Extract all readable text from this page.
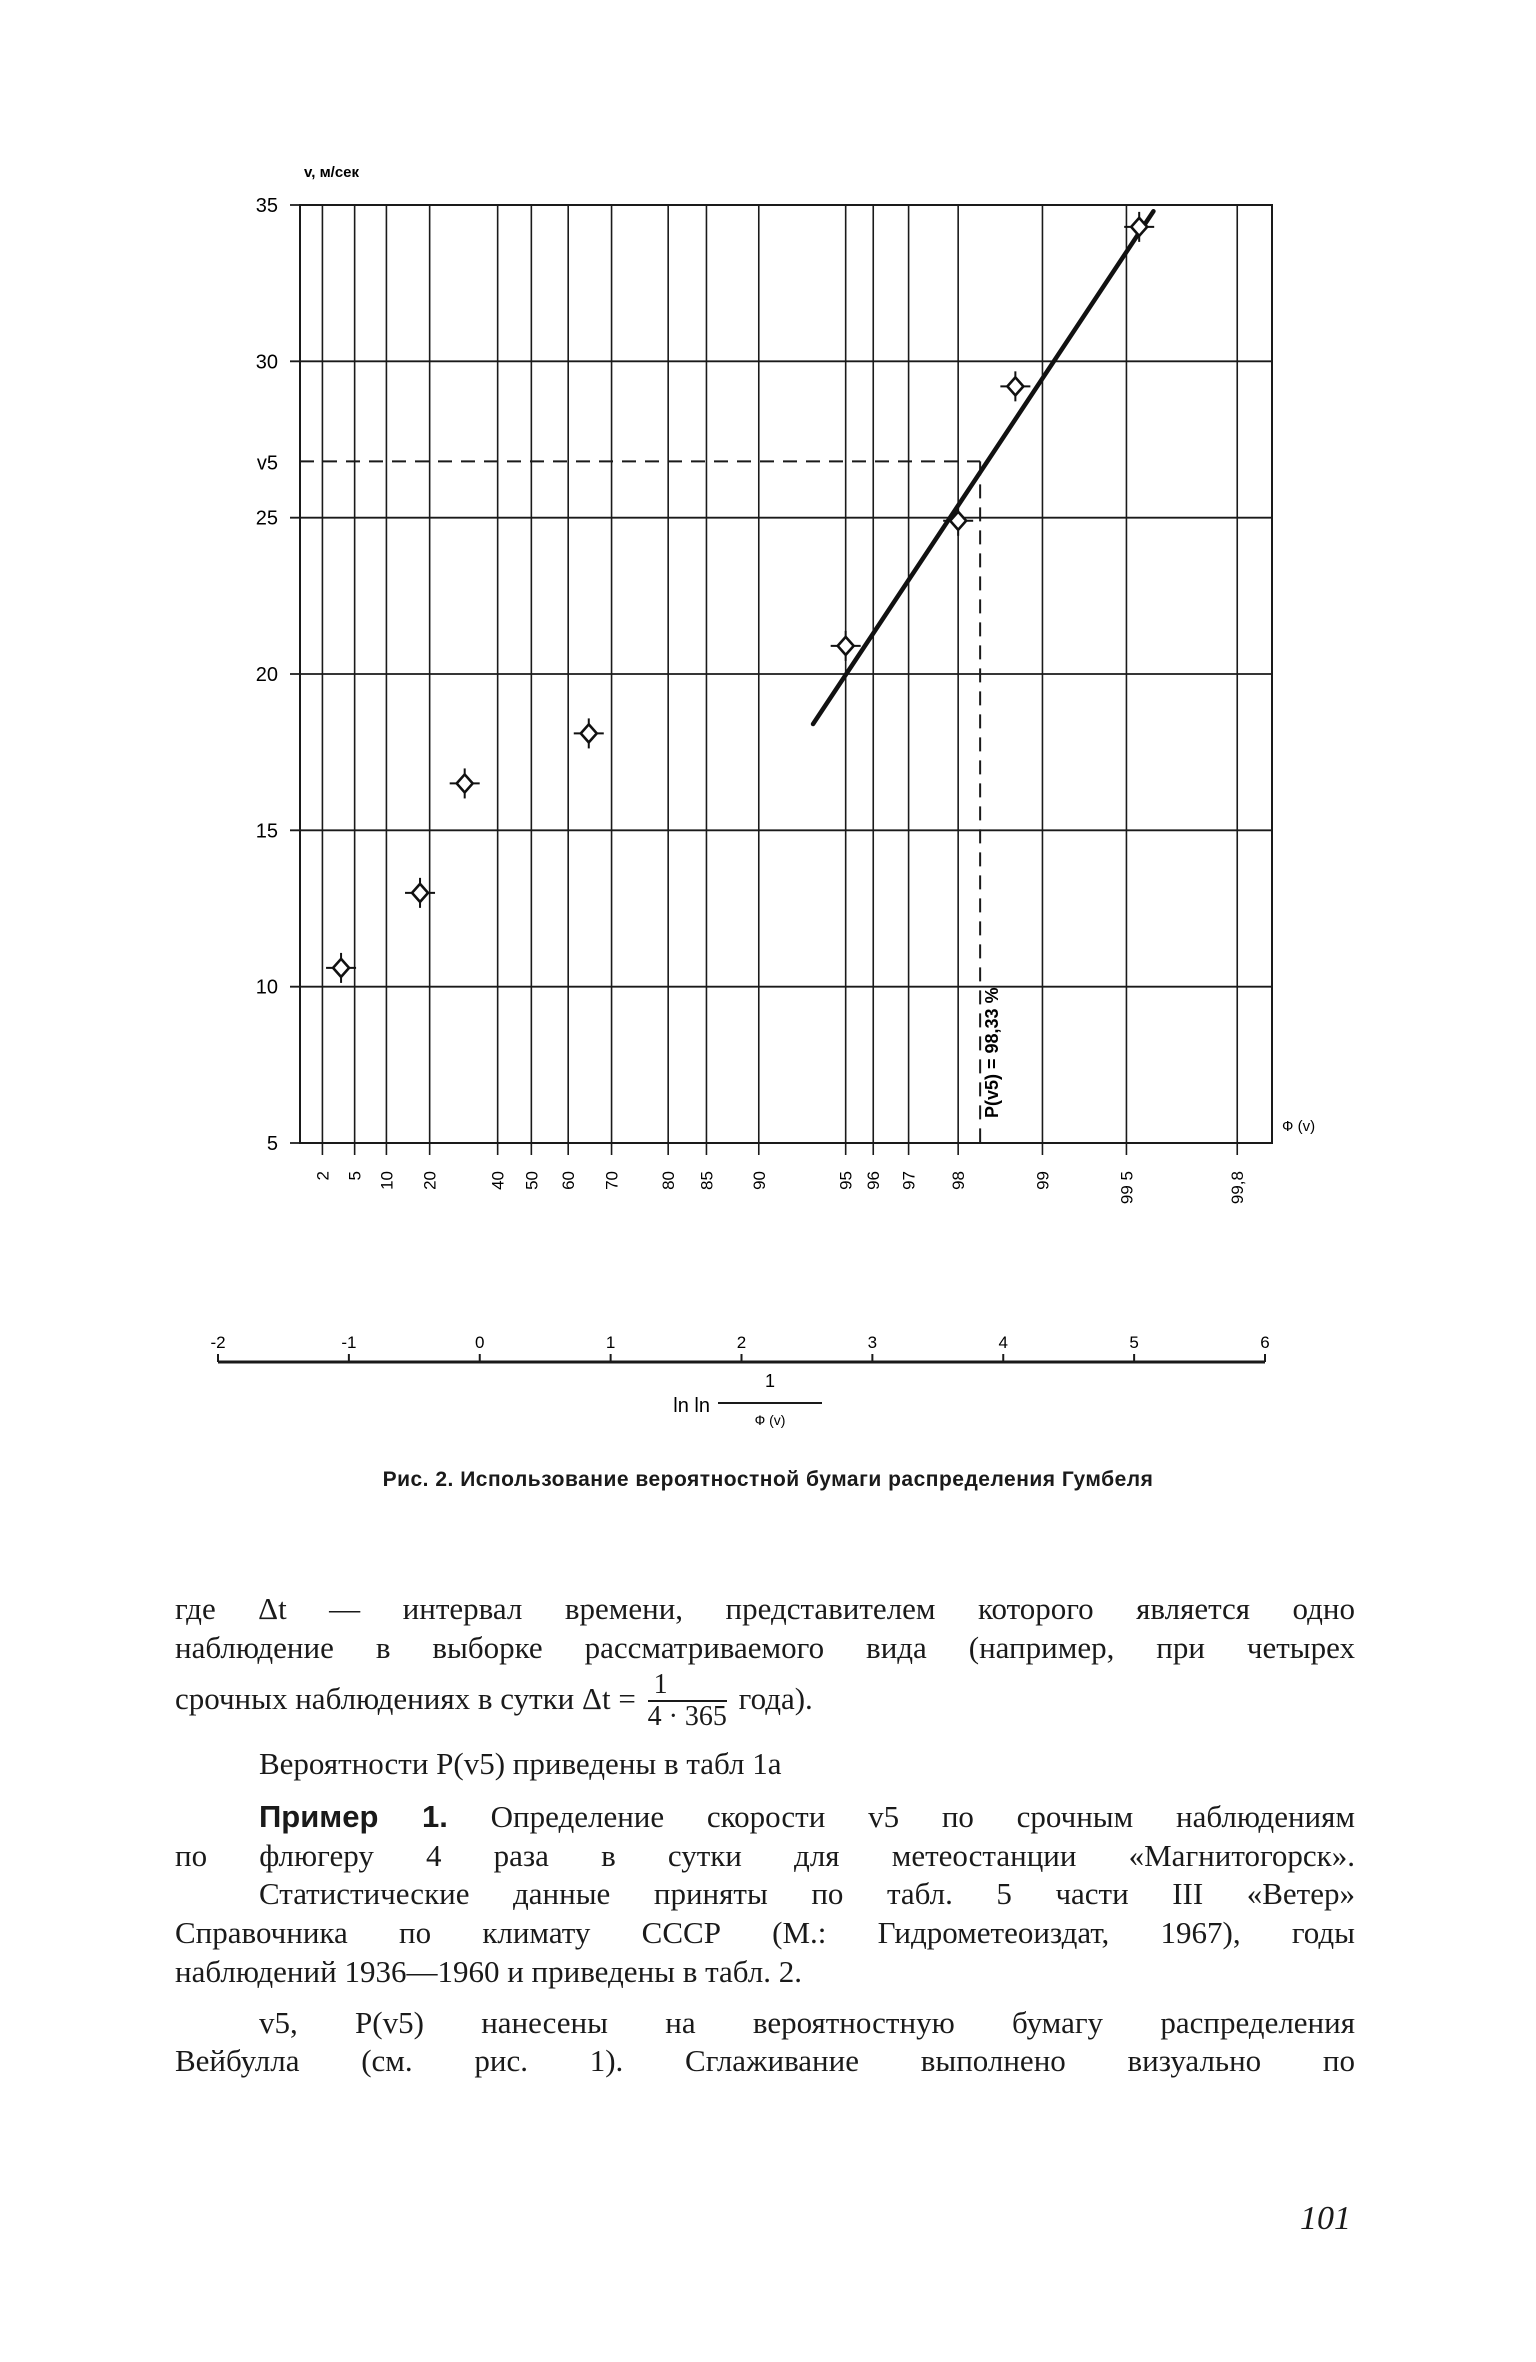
5
10
15
20
25
30
35
v, м/сек
2 5 10 20	40 50 60 70 80 85 90	95 96 97 98	99	99 5	99,8
Ф (v)
v5
P(v5) = 98,33 %
-2	-1	0	1	2	3	4	5	6
ln ln
1
Ф (v)
Рис. 2. Использование вероятностной бумаги распределения Гумбеля

где Δt — интервал времени, представителем которого является одно

наблюдение в выборке рассматриваемого вида (например, при четырех

срочных наблюдениях в сутки $\Delta t = \frac{1}{4 \cdot 365}$ года).

Вероятности P(v5) приведены в табл 1а

Пример 1. Определение скорости v5 по срочным наблюдениям

по флюгеру 4 раза в сутки для метеостанции «Магнитогорск».

Статистические данные приняты по табл. 5 части III «Ветер»

Справочника по климату СССР (М.: Гидрометеоиздат, 1967), годы

наблюдений 1936—1960 и приведены в табл. 2.

v5, P(v5) нанесены на вероятностную бумагу распределения

Вейбулла (см. рис. 1). Сглаживание выполнено визуально по

101
